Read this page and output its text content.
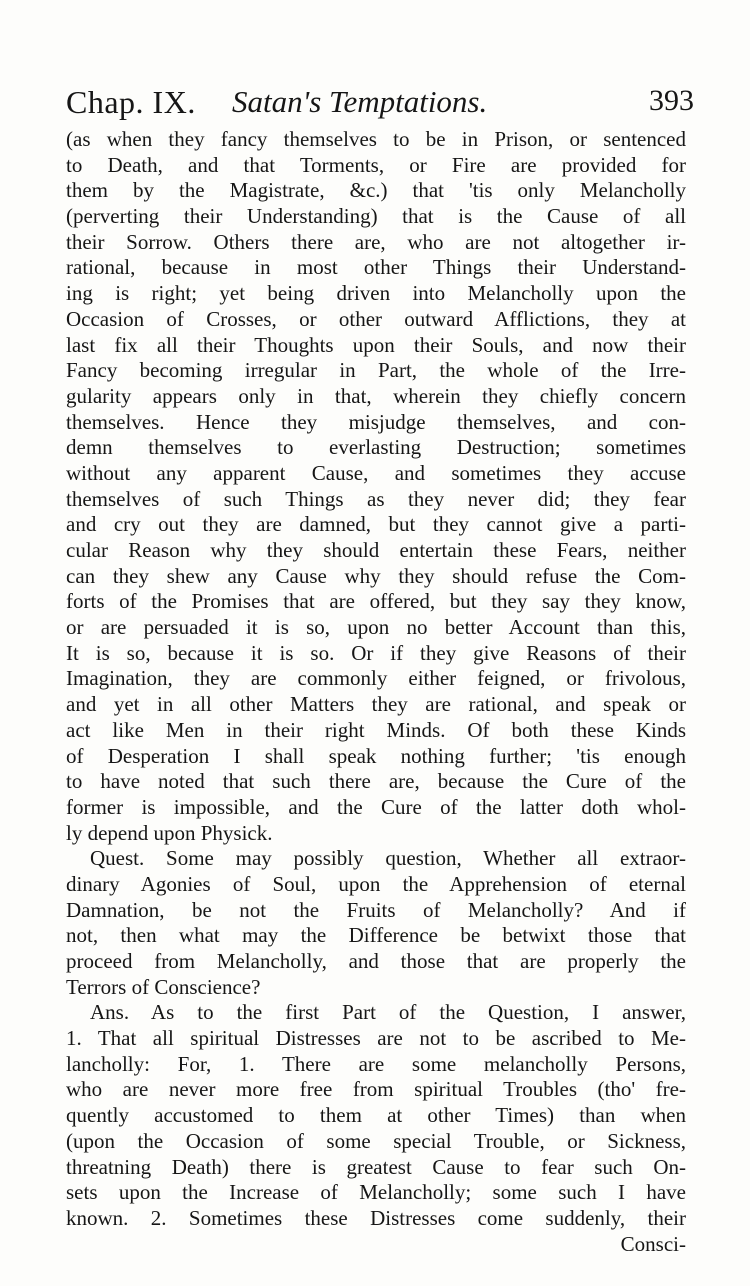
Chap. IX. Satan's Temptations.	393
(as when they fancy themselves to be in Prison, or sentenced
to Death, and that Torments, or Fire are provided for
them by the Magistrate, &c.) that 'tis only Melancholly
(perverting their Understanding) that is the Cause of all
their Sorrow. Others there are, who are not altogether ir-
rational, because in most other Things their Understand-
ing is right; yet being driven into Melancholly upon the
Occasion of Crosses, or other outward Afflictions, they at
last fix all their Thoughts upon their Souls, and now their
Fancy becoming irregular in Part, the whole of the Irre-
gularity appears only in that, wherein they chiefly concern
themselves. Hence they misjudge themselves, and con-
demn themselves to everlasting Destruction; sometimes
without any apparent Cause, and sometimes they accuse
themselves of such Things as they never did; they fear
and cry out they are damned, but they cannot give a parti-
cular Reason why they should entertain these Fears, neither
can they shew any Cause why they should refuse the Com-
forts of the Promises that are offered, but they say they know,
or are persuaded it is so, upon no better Account than this,
It is so, because it is so. Or if they give Reasons of their
Imagination, they are commonly either feigned, or frivolous,
and yet in all other Matters they are rational, and speak or
act like Men in their right Minds. Of both these Kinds
of Desperation I shall speak nothing further; 'tis enough
to have noted that such there are, because the Cure of the
former is impossible, and the Cure of the latter doth whol-
ly depend upon Physick.
Quest. Some may possibly question, Whether all extraor-
dinary Agonies of Soul, upon the Apprehension of eternal
Damnation, be not the Fruits of Melancholly? And if
not, then what may the Difference be betwixt those that
proceed from Melancholly, and those that are properly the
Terrors of Conscience?
Ans. As to the first Part of the Question, I answer,
1. That all spiritual Distresses are not to be ascribed to Me-
lancholly: For, 1. There are some melancholly Persons,
who are never more free from spiritual Troubles (tho' fre-
quently accustomed to them at other Times) than when
(upon the Occasion of some special Trouble, or Sickness,
threatning Death) there is greatest Cause to fear such On-
sets upon the Increase of Melancholly; some such I have
known. 2. Sometimes these Distresses come suddenly, their
Consci-
